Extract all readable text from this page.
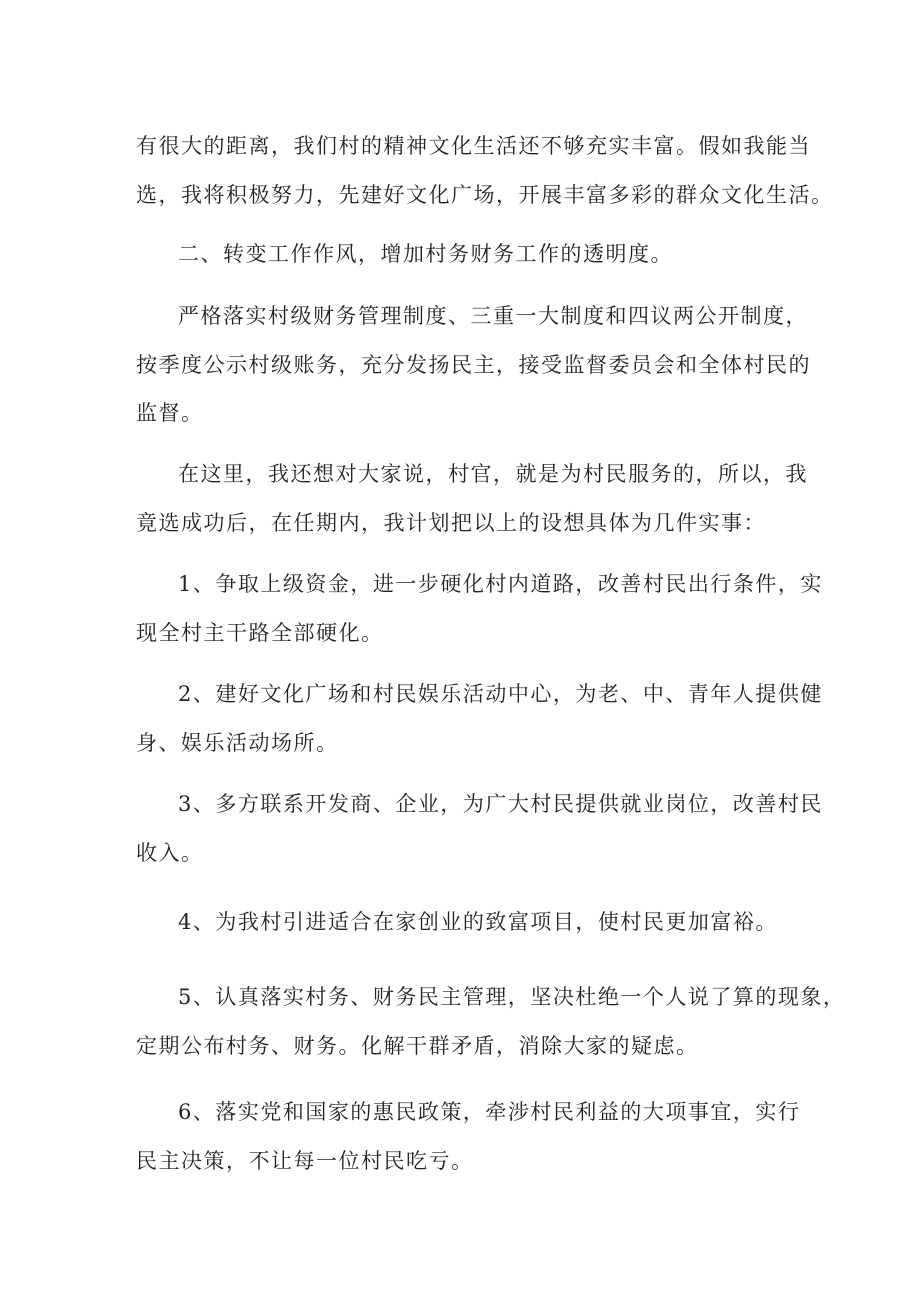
有很大的距离，我们村的精神文化生活还不够充实丰富。假如我能当
选，我将积极努力，先建好文化广场，开展丰富多彩的群众文化生活。
二、转变工作作风，增加村务财务工作的透明度。
严格落实村级财务管理制度、三重一大制度和四议两公开制度，
按季度公示村级账务，充分发扬民主，接受监督委员会和全体村民的
监督。
在这里，我还想对大家说，村官，就是为村民服务的，所以，我
竟选成功后，在任期内，我计划把以上的设想具体为几件实事：
1、争取上级资金，进一步硬化村内道路，改善村民出行条件，实
现全村主干路全部硬化。
2、建好文化广场和村民娱乐活动中心，为老、中、青年人提供健
身、娱乐活动场所。
3、多方联系开发商、企业，为广大村民提供就业岗位，改善村民
收入。
4、为我村引进适合在家创业的致富项目，使村民更加富裕。
5、认真落实村务、财务民主管理，坚决杜绝一个人说了算的现象，
定期公布村务、财务。化解干群矛盾，消除大家的疑虑。
6、落实党和国家的惠民政策，牵涉村民利益的大项事宜，实行
民主决策，不让每一位村民吃亏。
